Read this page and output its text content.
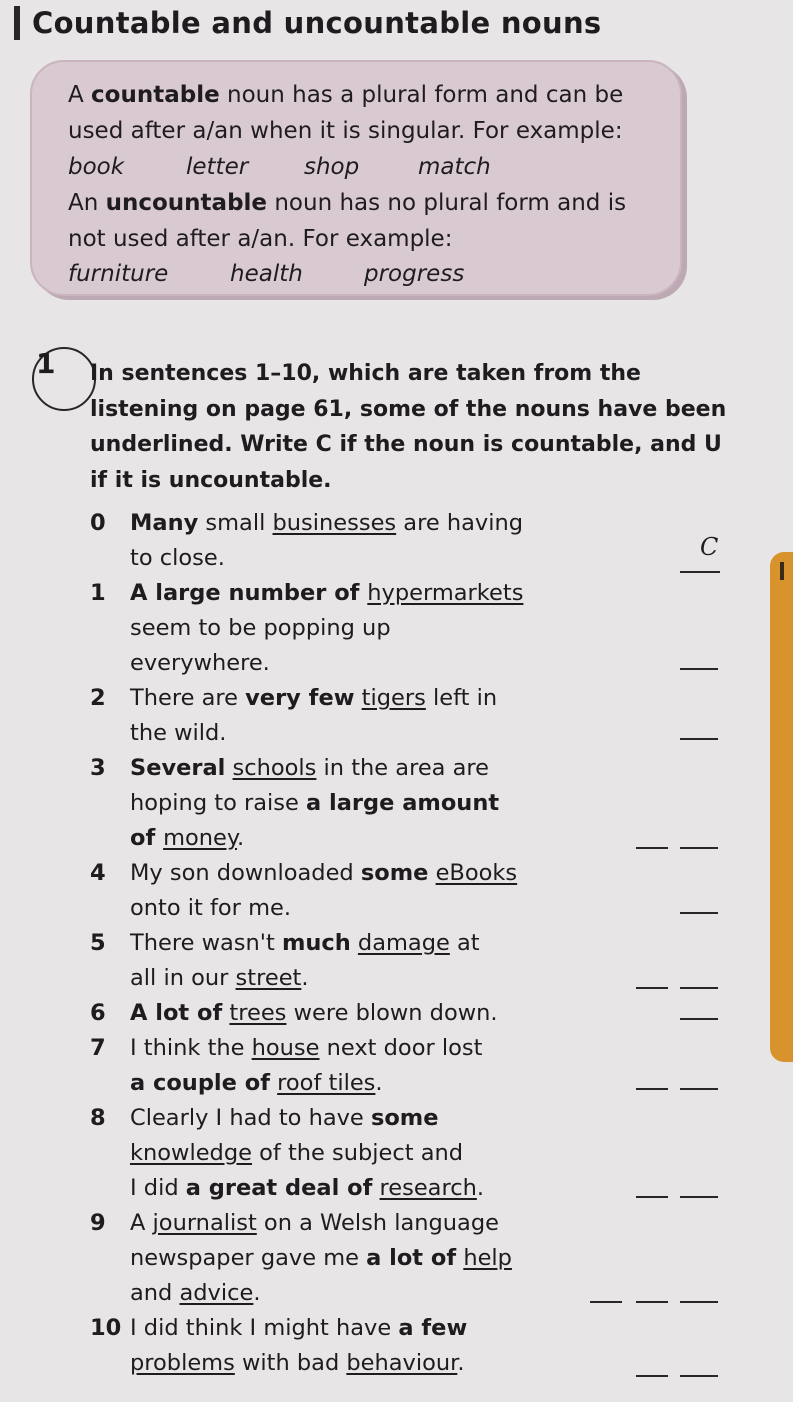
Countable and uncountable nouns
A countable noun has a plural form and can be
used after a/an when it is singular. For example:
book	letter shop	match
An uncountable noun has no plural form and is
not used after a/an. For example:
furniture	health	progress
1 In sentences 1–10, which are taken from the
listening on page 61, some of the nouns have been
underlined. Write C if the noun is countable, and U
if it is uncountable.
0 Many small businesses are having
to close.	C
1 A large number of hypermarkets
seem to be popping up
everywhere.
2 There are very few tigers left in
the wild.
3 Several schools in the area are
hoping to raise a large amount
of money.
4 My son downloaded some eBooks
onto it for me.
5 There wasn't much damage at
all in our street.
6 A lot of trees were blown down.
7 I think the house next door lost
a couple of roof tiles.
8 Clearly I had to have some
knowledge of the subject and
I did a great deal of research.
9 A journalist on a Welsh language
newspaper gave me a lot of help
and advice.
10 I did think I might have a few
problems with bad behaviour.
